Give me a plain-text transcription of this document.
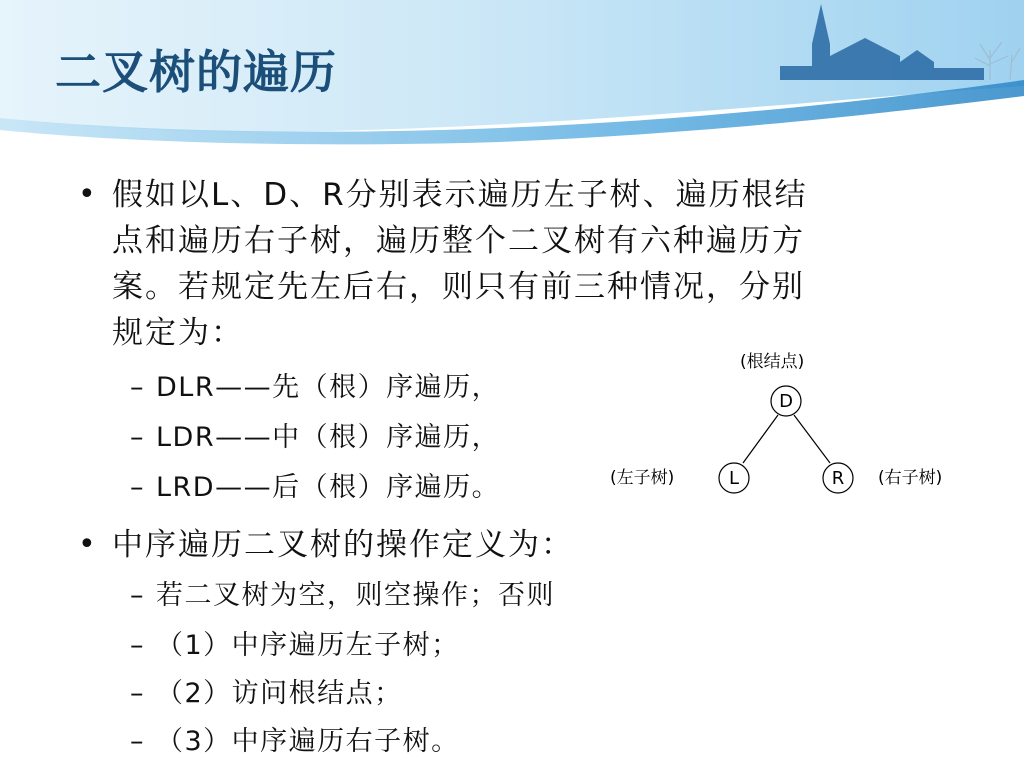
二叉树的遍历
• 假如以L、D、R分别表示遍历左子树、遍历根结
点和遍历右子树，遍历整个二叉树有六种遍历方
案。若规定先左后右，则只有前三种情况，分别
规定为：
– DLR——先（根）序遍历，
– LDR——中（根）序遍历，
– LRD——后（根）序遍历。
• 中序遍历二叉树的操作定义为：
– 若二叉树为空，则空操作；否则
– （1）中序遍历左子树；
– （2）访问根结点；
– （3）中序遍历右子树。
(根结点)
D
L	R
(左子树)	(右子树)
